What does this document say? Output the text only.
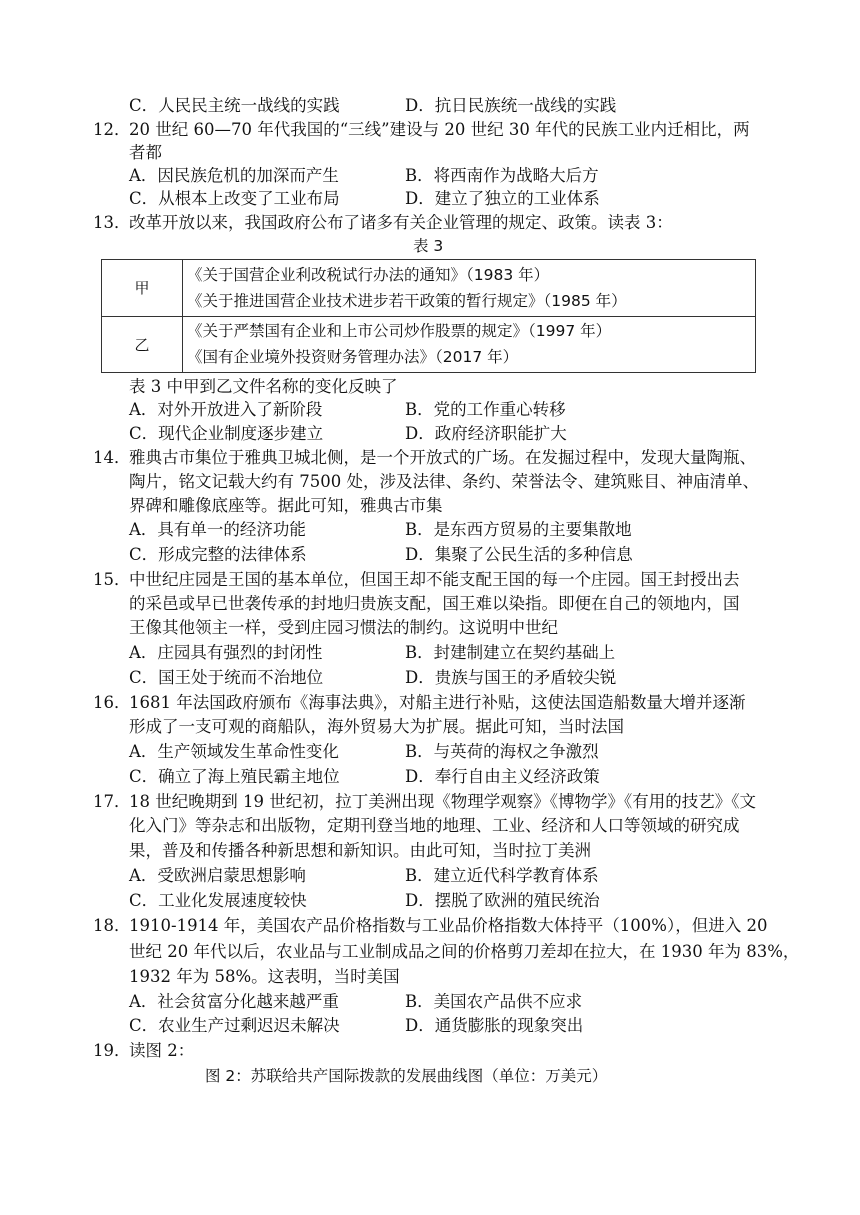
C．人民民主统一战线的实践	D．抗日民族统一战线的实践
12．
20 世纪 60—70 年代我国的“三线”建设与 20 世纪 30 年代的民族工业内迁相比，两
者都
A．因民族危机的加深而产生	B．将西南作为战略大后方
C．从根本上改变了工业布局	D．建立了独立的工业体系
13．
改革开放以来，我国政府公布了诸多有关企业管理的规定、政策。读表 3：
表 3
甲	《关于国营企业利改税试行办法的通知》（1983 年）
《关于推进国营企业技术进步若干政策的暂行规定》（1985 年）

乙	《关于严禁国有企业和上市公司炒作股票的规定》（1997 年）
《国有企业境外投资财务管理办法》（2017 年）
表 3 中甲到乙文件名称的变化反映了
A．对外开放进入了新阶段	B．党的工作重心转移
C．现代企业制度逐步建立	D．政府经济职能扩大
14．
雅典古市集位于雅典卫城北侧，是一个开放式的广场。在发掘过程中，发现大量陶瓶、
陶片，铭文记载大约有 7500 处，涉及法律、条约、荣誉法令、建筑账目、神庙清单、
界碑和雕像底座等。据此可知，雅典古市集
A．具有单一的经济功能	B．是东西方贸易的主要集散地
C．形成完整的法律体系	D．集聚了公民生活的多种信息
15．
中世纪庄园是王国的基本单位，但国王却不能支配王国的每一个庄园。国王封授出去
的采邑或早已世袭传承的封地归贵族支配，国王难以染指。即便在自己的领地内，国
王像其他领主一样，受到庄园习惯法的制约。这说明中世纪
A．庄园具有强烈的封闭性	B．封建制建立在契约基础上
C．国王处于统而不治地位	D．贵族与国王的矛盾较尖锐
16．
1681 年法国政府颁布《海事法典》，对船主进行补贴，这使法国造船数量大增并逐渐
形成了一支可观的商船队，海外贸易大为扩展。据此可知，当时法国
A．生产领域发生革命性变化	B．与英荷的海权之争激烈
C．确立了海上殖民霸主地位	D．奉行自由主义经济政策
17．
18 世纪晚期到 19 世纪初，拉丁美洲出现《物理学观察》《博物学》《有用的技艺》《文
化入门》等杂志和出版物，定期刊登当地的地理、工业、经济和人口等领域的研究成
果，普及和传播各种新思想和新知识。由此可知，当时拉丁美洲
A．受欧洲启蒙思想影响	B．建立近代科学教育体系
C．工业化发展速度较快	D．摆脱了欧洲的殖民统治
18．
1910-1914 年，美国农产品价格指数与工业品价格指数大体持平（100%），但进入 20
世纪 20 年代以后，农业品与工业制成品之间的价格剪刀差却在拉大，在 1930 年为 83%，
1932 年为 58%。这表明，当时美国
A．社会贫富分化越来越严重	B．美国农产品供不应求
C．农业生产过剩迟迟未解决	D．通货膨胀的现象突出
19．
读图 2：
图 2：苏联给共产国际拨款的发展曲线图（单位：万美元）
